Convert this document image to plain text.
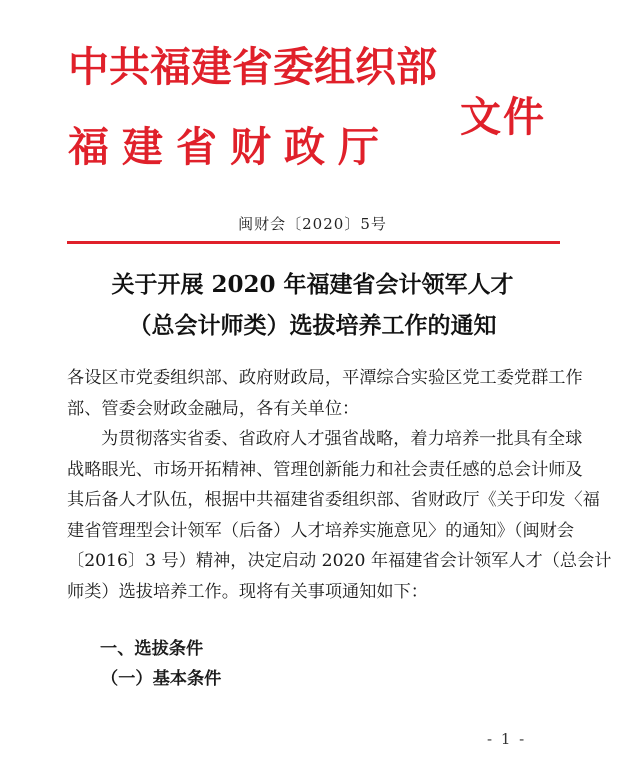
中共福建省委组织部
福建省财政厅
文件
闽财会〔2020〕5号
关于开展 2020 年福建省会计领军人才
（总会计师类）选拔培养工作的通知
各设区市党委组织部、政府财政局，平潭综合实验区党工委党群工作
部、管委会财政金融局，各有关单位：
为贯彻落实省委、省政府人才强省战略，着力培养一批具有全球
战略眼光、市场开拓精神、管理创新能力和社会责任感的总会计师及
其后备人才队伍，根据中共福建省委组织部、省财政厅《关于印发〈福
建省管理型会计领军（后备）人才培养实施意见〉的通知》（闽财会
〔2016〕3 号）精神，决定启动 2020 年福建省会计领军人才（总会计
师类）选拔培养工作。现将有关事项通知如下：
一、选拔条件
（一）基本条件
- 1 -
